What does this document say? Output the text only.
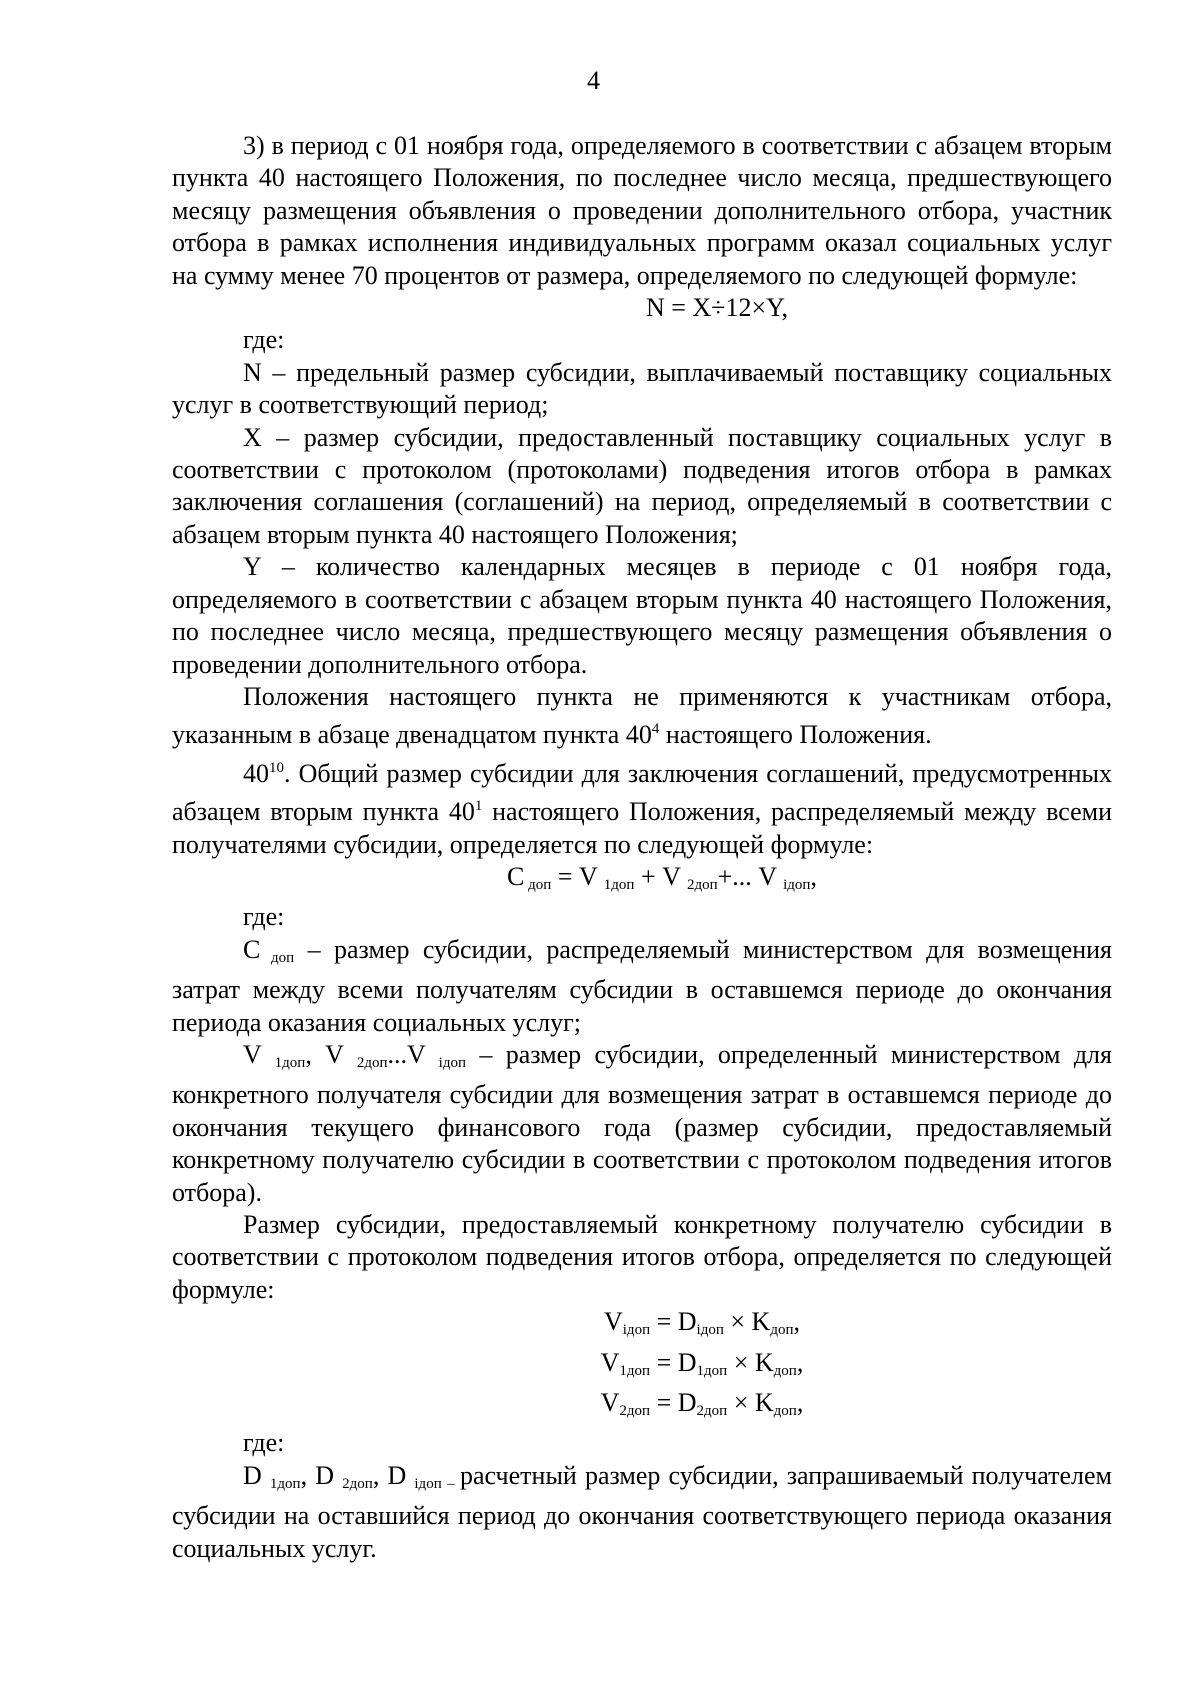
4

3) в период с 01 ноября года, определяемого в соответствии с абзацем вторым пункта 40 настоящего Положения, по последнее число месяца, предшествующего месяцу размещения объявления о проведении дополнительного отбора, участник отбора в рамках исполнения индивидуальных программ оказал социальных услуг на сумму менее 70 процентов от размера, определяемого по следующей формуле:

N = X÷12×Y,

где:

N – предельный размер субсидии, выплачиваемый поставщику социальных услуг в соответствующий период;

X – размер субсидии, предоставленный поставщику социальных услуг в соответствии с протоколом (протоколами) подведения итогов отбора в рамках заключения соглашения (соглашений) на период, определяемый в соответствии с абзацем вторым пункта 40 настоящего Положения;

Y – количество календарных месяцев в периоде с 01 ноября года, определяемого в соответствии с абзацем вторым пункта 40 настоящего Положения, по последнее число месяца, предшествующего месяцу размещения объявления о проведении дополнительного отбора.

Положения настоящего пункта не применяются к участникам отбора, указанным в абзаце двенадцатом пункта $40^4$ настоящего Положения.

$40^{10}$. Общий размер субсидии для заключения соглашений, предусмотренных абзацем вторым пункта $40^1$ настоящего Положения, распределяемый между всеми получателями субсидии, определяется по следующей формуле:

С $_{доп}$ = V $_{1доп}$ + V $_{2доп}$+... V $_{iдоп}$,

где:

С $_{доп}$ – размер субсидии, распределяемый министерством для возмещения затрат между всеми получателям субсидии в оставшемся периоде до окончания периода оказания социальных услуг;

V $_{1доп}$, V $_{2доп}$...V $_{iдоп}$ – размер субсидии, определенный министерством для конкретного получателя субсидии для возмещения затрат в оставшемся периоде до окончания текущего финансового года (размер субсидии, предоставляемый конкретному получателю субсидии в соответствии с протоколом подведения итогов отбора).

Размер субсидии, предоставляемый конкретному получателю субсидии в соответствии с протоколом подведения итогов отбора, определяется по следующей формуле:

$V_{iдоп} = D_{iдоп} \times K_{доп}$,

$V_{1доп} = D_{1доп} \times K_{доп}$,

$V_{2доп} = D_{2доп} \times K_{доп}$,

где:

D $_{1доп}$, D $_{2доп}$, D $_{iдоп -}$ расчетный размер субсидии, запрашиваемый получателем субсидии на оставшийся период до окончания соответствующего периода оказания социальных услуг.
